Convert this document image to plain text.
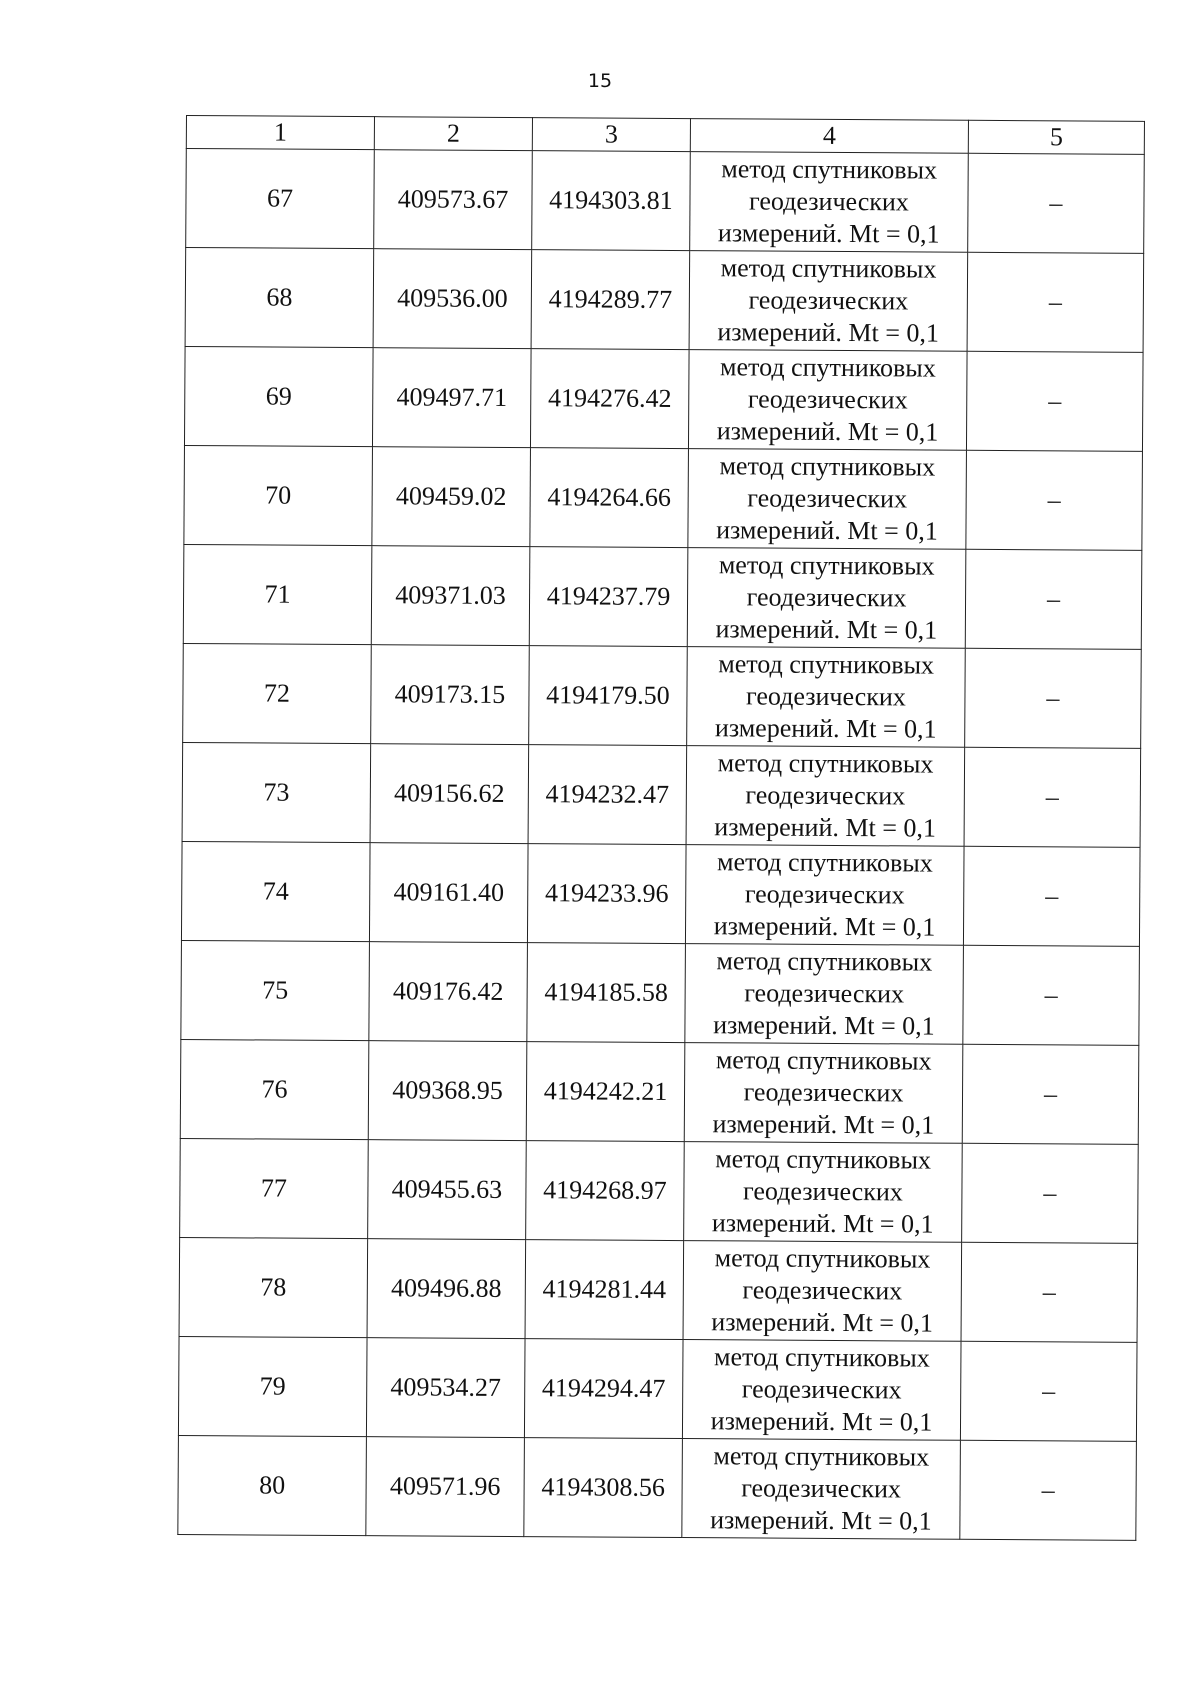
15
1	2	3	4	5
67	409573.67	4194303.81	метод спутниковых
геодезических
измерений. Mt = 0,1	–
68	409536.00	4194289.77	метод спутниковых
геодезических
измерений. Mt = 0,1	–
69	409497.71	4194276.42	метод спутниковых
геодезических
измерений. Mt = 0,1	–
70	409459.02	4194264.66	метод спутниковых
геодезических
измерений. Mt = 0,1	–
71	409371.03	4194237.79	метод спутниковых
геодезических
измерений. Mt = 0,1	–
72	409173.15	4194179.50	метод спутниковых
геодезических
измерений. Mt = 0,1	–
73	409156.62	4194232.47	метод спутниковых
геодезических
измерений. Mt = 0,1	–
74	409161.40	4194233.96	метод спутниковых
геодезических
измерений. Mt = 0,1	–
75	409176.42	4194185.58	метод спутниковых
геодезических
измерений. Mt = 0,1	–
76	409368.95	4194242.21	метод спутниковых
геодезических
измерений. Mt = 0,1	–
77	409455.63	4194268.97	метод спутниковых
геодезических
измерений. Mt = 0,1	–
78	409496.88	4194281.44	метод спутниковых
геодезических
измерений. Mt = 0,1	–
79	409534.27	4194294.47	метод спутниковых
геодезических
измерений. Mt = 0,1	–
80	409571.96	4194308.56	метод спутниковых
геодезических
измерений. Mt = 0,1	–
